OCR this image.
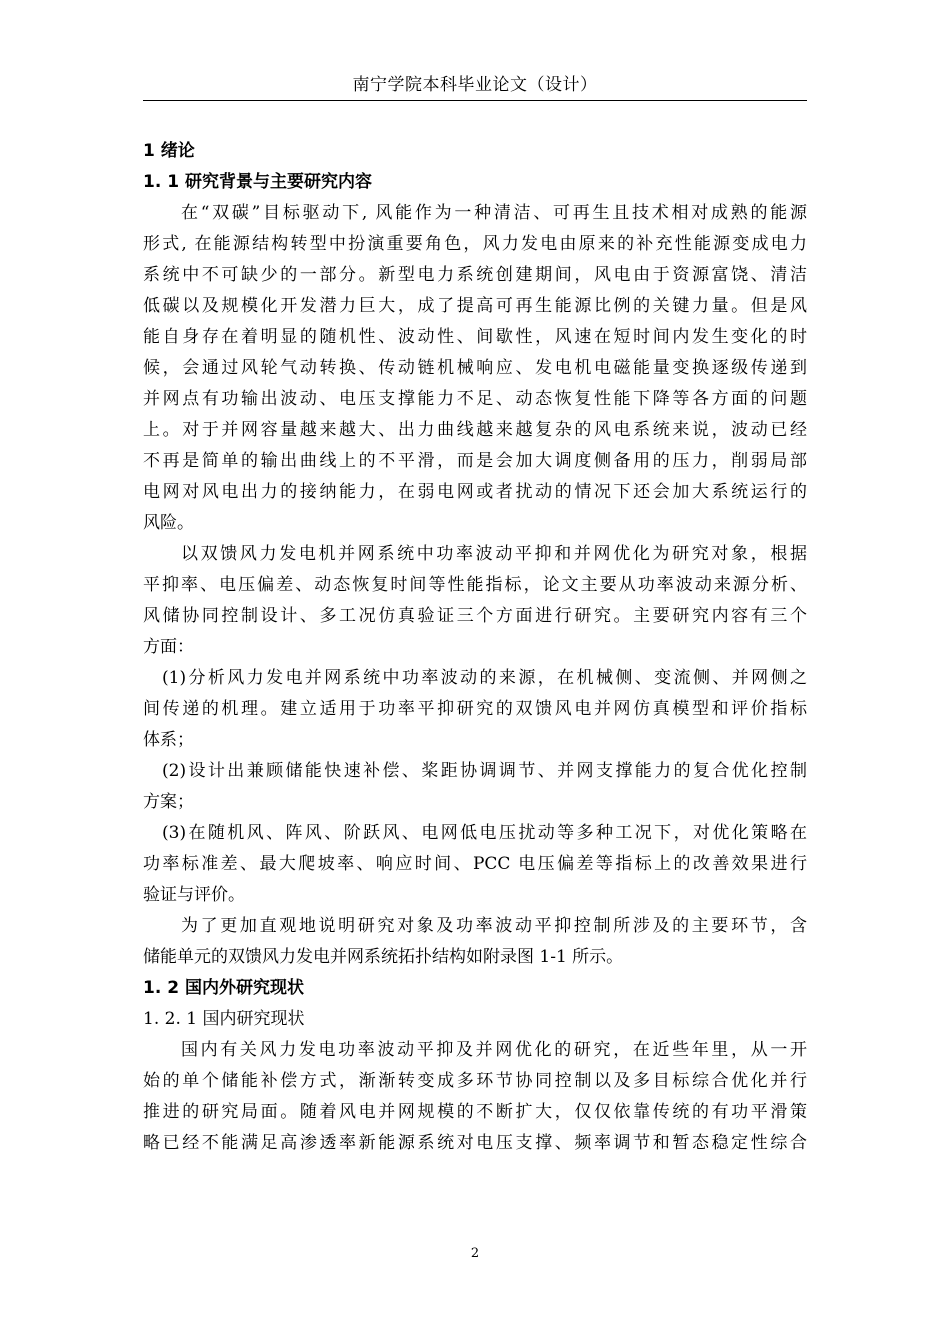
南宁学院本科毕业论文（设计）
1 绪论
1. 1 研究背景与主要研究内容
在“双碳”目标驱动下, 风能作为一种清洁、可再生且技术相对成熟的能源
形式, 在能源结构转型中扮演重要角色，风力发电由原来的补充性能源变成电力
系统中不可缺少的一部分。新型电力系统创建期间，风电由于资源富饶、清洁
低碳以及规模化开发潜力巨大，成了提高可再生能源比例的关键力量。但是风
能自身存在着明显的随机性、波动性、间歇性，风速在短时间内发生变化的时
候，会通过风轮气动转换、传动链机械响应、发电机电磁能量变换逐级传递到
并网点有功输出波动、电压支撑能力不足、动态恢复性能下降等各方面的问题
上。对于并网容量越来越大、出力曲线越来越复杂的风电系统来说，波动已经
不再是简单的输出曲线上的不平滑，而是会加大调度侧备用的压力，削弱局部
电网对风电出力的接纳能力，在弱电网或者扰动的情况下还会加大系统运行的
风险。
以双馈风力发电机并网系统中功率波动平抑和并网优化为研究对象，根据
平抑率、电压偏差、动态恢复时间等性能指标，论文主要从功率波动来源分析、
风储协同控制设计、多工况仿真验证三个方面进行研究。主要研究内容有三个
方面：
(1)分析风力发电并网系统中功率波动的来源，在机械侧、变流侧、并网侧之
间传递的机理。建立适用于功率平抑研究的双馈风电并网仿真模型和评价指标
体系；
(2)设计出兼顾储能快速补偿、桨距协调调节、并网支撑能力的复合优化控制
方案；
(3)在随机风、阵风、阶跃风、电网低电压扰动等多种工况下，对优化策略在
功率标准差、最大爬坡率、响应时间、PCC 电压偏差等指标上的改善效果进行
验证与评价。
为了更加直观地说明研究对象及功率波动平抑控制所涉及的主要环节，含
储能单元的双馈风力发电并网系统拓扑结构如附录图 1-1 所示。
1. 2 国内外研究现状
1. 2. 1 国内研究现状
国内有关风力发电功率波动平抑及并网优化的研究，在近些年里，从一开
始的单个储能补偿方式，渐渐转变成多环节协同控制以及多目标综合优化并行
推进的研究局面。随着风电并网规模的不断扩大，仅仅依靠传统的有功平滑策
略已经不能满足高渗透率新能源系统对电压支撑、频率调节和暂态稳定性综合
2
